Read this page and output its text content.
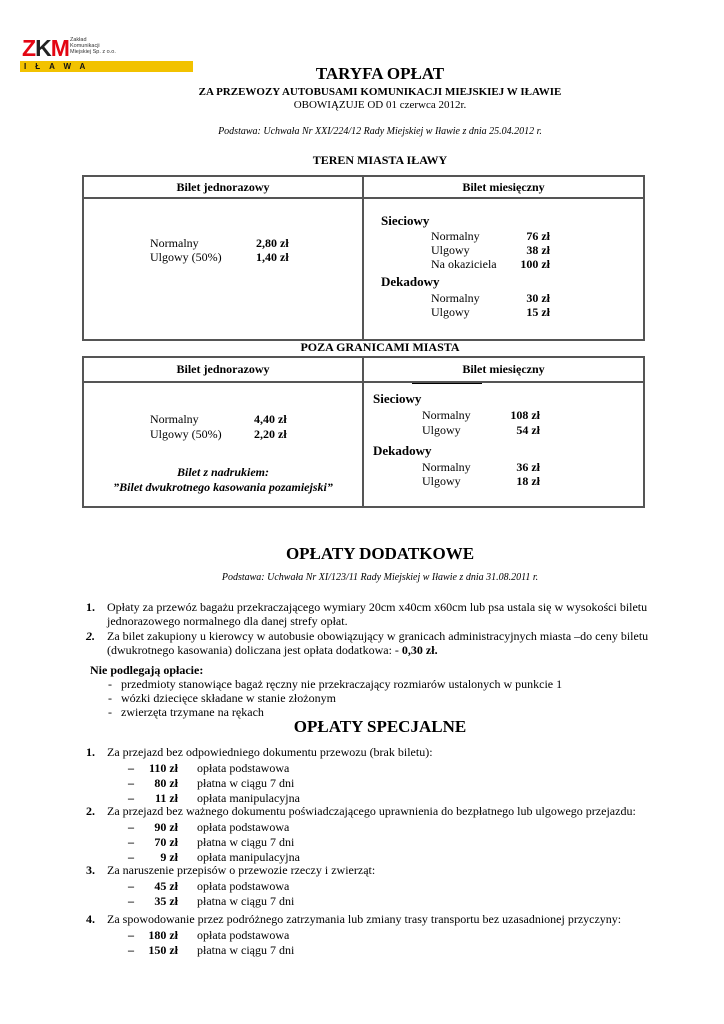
ZKM Zakład
Komunikacji
Miejskiej Sp. z o.o.
IŁAWA	TARYFA OPŁAT
ZA PRZEWOZY AUTOBUSAMI KOMUNIKACJI MIEJSKIEJ W IŁAWIE
OBOWIĄZUJE OD 01 czerwca 2012r.
Podstawa: Uchwała Nr XXI/224/12 Rady Miejskiej w Iławie z dnia 25.04.2012 r.
TEREN MIASTA IŁAWY
Bilet jednorazowy	Bilet miesięczny
Normalny	2,80 zł
Ulgowy (50%)	1,40 zł
Sieciowy
Normalny	76 zł
Ulgowy	38 zł
Na okaziciela	100 zł
Dekadowy
Normalny	30 zł
Ulgowy	15 zł
POZA GRANICAMI MIASTA
Bilet jednorazowy	Bilet miesięczny
Normalny	4,40 zł
Ulgowy (50%)	2,20 zł
Bilet z nadrukiem:
”Bilet dwukrotnego kasowania pozamiejski”
Sieciowy
Normalny	108 zł
Ulgowy	54 zł
Dekadowy
Normalny	36 zł
Ulgowy	18 zł
OPŁATY DODATKOWE
Podstawa: Uchwała Nr XI/123/11 Rady Miejskiej w Iławie z dnia 31.08.2011 r.
1. Opłaty za przewóz bagażu przekraczającego wymiary 20cm x40cm x60cm lub psa ustala się w wysokości biletu
jednorazowego normalnego dla danej strefy opłat.
2. Za bilet zakupiony u kierowcy w autobusie obowiązujący w granicach administracyjnych miasta –do ceny biletu
(dwukrotnego kasowania) doliczana jest opłata dodatkowa: - 0,30 zł.
Nie podlegają opłacie:
-   przedmioty stanowiące bagaż ręczny nie przekraczający rozmiarów ustalonych w punkcie 1
-   wózki dziecięce składane w stanie złożonym
-   zwierzęta trzymane na rękach
OPŁATY SPECJALNE
1. Za przejazd bez odpowiedniego dokumentu przewozu (brak biletu):
–	110 zł opłata podstawowa
–	80 zł płatna w ciągu 7 dni
–	11 zł opłata manipulacyjna
2. Za przejazd bez ważnego dokumentu poświadczającego uprawnienia do bezpłatnego lub ulgowego przejazdu:
–	90 zł opłata podstawowa
–	70 zł płatna w ciągu 7 dni
–	9 zł opłata manipulacyjna
3. Za naruszenie przepisów o przewozie rzeczy i zwierząt:
–	45 zł opłata podstawowa
–	35 zł płatna w ciągu 7 dni
4. Za spowodowanie przez podróżnego zatrzymania lub zmiany trasy transportu bez uzasadnionej przyczyny:
–	180 zł opłata podstawowa
–	150 zł płatna w ciągu 7 dni
